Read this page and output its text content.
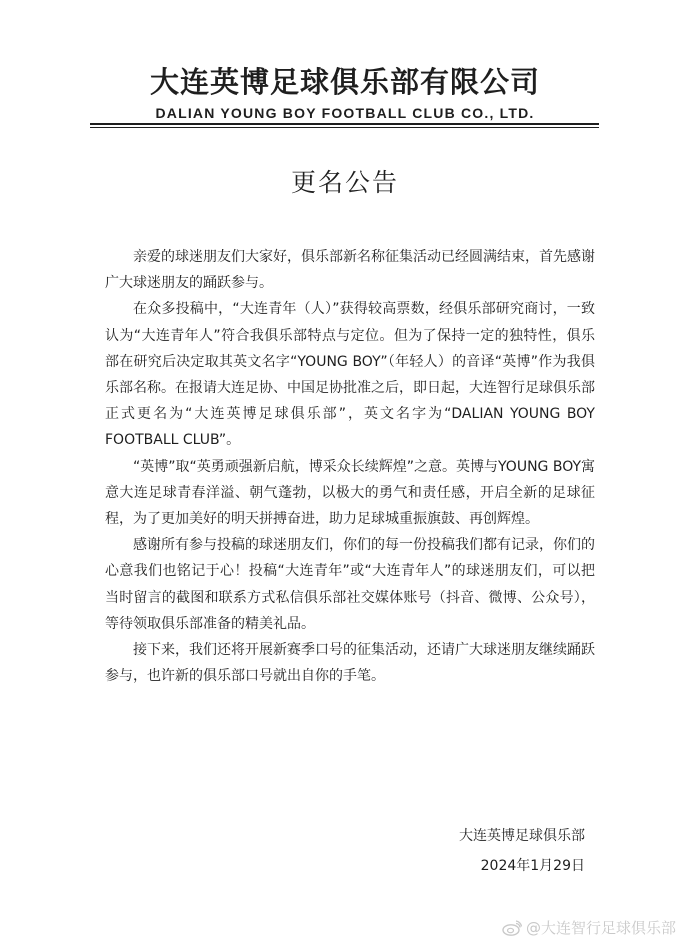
大连英博足球俱乐部有限公司
DALIAN YOUNG BOY FOOTBALL CLUB CO., LTD.
更名公告

亲爱的球迷朋友们大家好，俱乐部新名称征集活动已经圆满结束，首先感谢广大球迷朋友的踊跃参与。

在众多投稿中，“大连青年（人）”获得较高票数，经俱乐部研究商讨，一致认为“大连青年人”符合我俱乐部特点与定位。但为了保持一定的独特性，俱乐部在研究后决定取其英文名字“YOUNG BOY”（年轻人）的音译“英博”作为我俱乐部名称。在报请大连足协、中国足协批准之后，即日起，大连智行足球俱乐部正式更名为“大连英博足球俱乐部”，英文名字为“DALIAN YOUNG BOY FOOTBALL CLUB”。

“英博”取“英勇顽强新启航，博采众长续辉煌”之意。英博与YOUNG BOY寓意大连足球青春洋溢、朝气蓬勃，以极大的勇气和责任感，开启全新的足球征程，为了更加美好的明天拼搏奋进，助力足球城重振旗鼓、再创辉煌。

感谢所有参与投稿的球迷朋友们，你们的每一份投稿我们都有记录，你们的心意我们也铭记于心！投稿“大连青年”或“大连青年人”的球迷朋友们，可以把当时留言的截图和联系方式私信俱乐部社交媒体账号（抖音、微博、公众号），等待领取俱乐部准备的精美礼品。

接下来，我们还将开展新赛季口号的征集活动，还请广大球迷朋友继续踊跃参与，也许新的俱乐部口号就出自你的手笔。

大连英博足球俱乐部
2024年1月29日
@大连智行足球俱乐部
